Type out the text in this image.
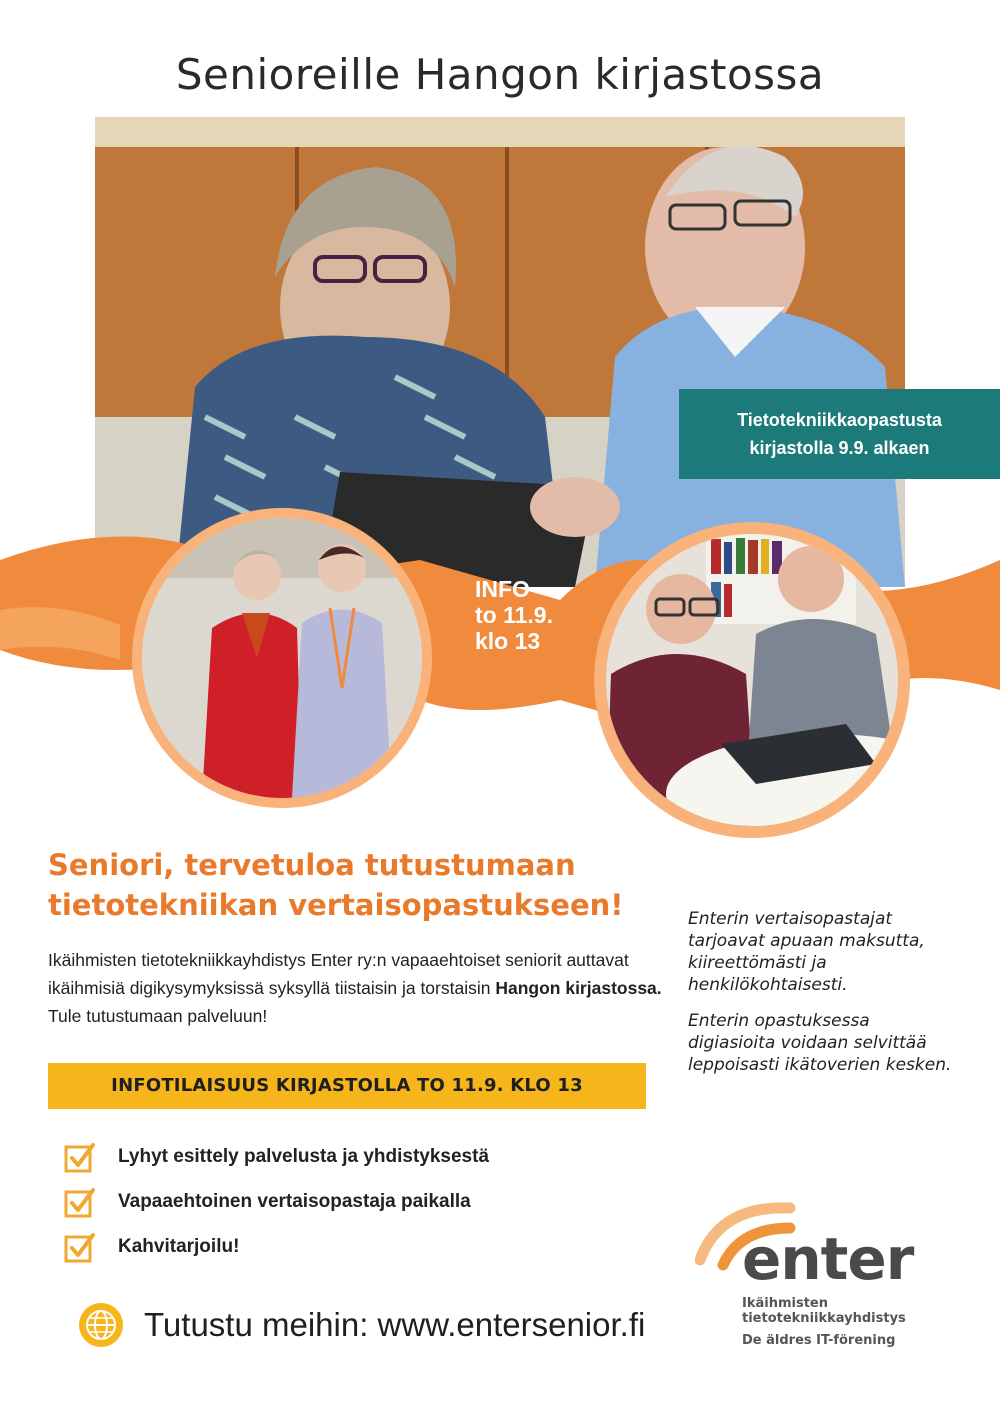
Senioreille Hangon kirjastossa
Tietotekniikkaopastusta
kirjastolla 9.9. alkaen
INFO
to 11.9.
klo 13
Seniori, tervetuloa tutustumaan
tietotekniikan vertaisopastukseen!
Ikäihmisten tietotekniikkayhdistys Enter ry:n vapaaehtoiset seniorit auttavat ikäihmisiä digikysymyksissä syksyllä tiistaisin ja torstaisin Hangon kirjastossa. Tule tutustumaan palveluun!

Enterin vertaisopastajat tarjoavat apuaan maksutta, kiireettömästi ja henkilökohtaisesti.

Enterin opastuksessa digiasioita voidaan selvittää leppoisasti ikätoverien kesken.

INFOTILAISUUS KIRJASTOLLA TO 11.9. KLO 13
Lyhyt esittely palvelusta ja yhdistyksestä
Vapaaehtoinen vertaisopastaja paikalla
Kahvitarjoilu!
Tutustu meihin: www.entersenior.fi
enter
Ikäihmisten
tietotekniikkayhdistys
De äldres IT-förening
